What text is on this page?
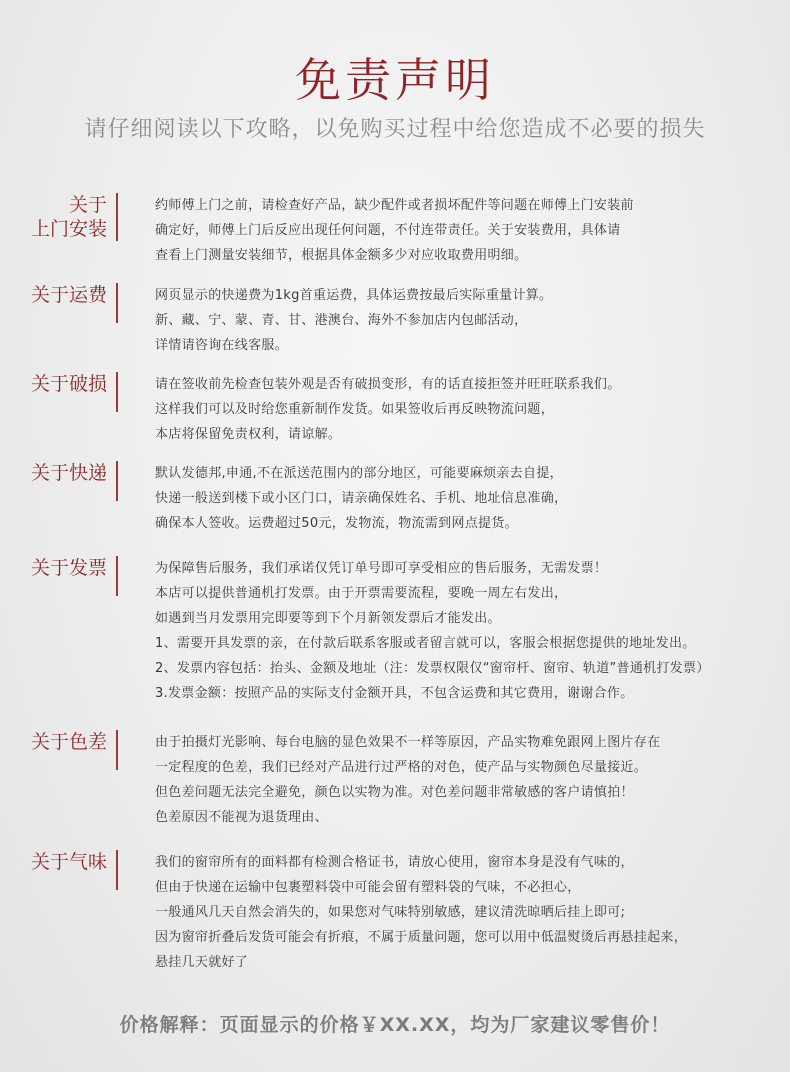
免责声明
请仔细阅读以下攻略，以免购买过程中给您造成不必要的损失
关于
上门安装
约师傅上门之前，请检查好产品，缺少配件或者损坏配件等问题在师傅上门安装前
确定好，师傅上门后反应出现任何问题，不付连带责任。关于安装费用，具体请
查看上门测量安装细节，根据具体金额多少对应收取费用明细。
关于运费	网页显示的快递费为1kg首重运费，具体运费按最后实际重量计算。
新、藏、宁、蒙、青、甘、港澳台、海外不参加店内包邮活动，
详情请咨询在线客服。
关于破损	请在签收前先检查包装外观是否有破损变形，有的话直接拒签并旺旺联系我们。
这样我们可以及时给您重新制作发货。如果签收后再反映物流问题，
本店将保留免责权利，请谅解。
关于快递	默认发德邦,申通,不在派送范围内的部分地区，可能要麻烦亲去自提，
快递一般送到楼下或小区门口，请亲确保姓名、手机、地址信息准确，
确保本人签收。运费超过50元，发物流，物流需到网点提货。
关于发票	为保障售后服务，我们承诺仅凭订单号即可享受相应的售后服务，无需发票！
本店可以提供普通机打发票。由于开票需要流程，要晚一周左右发出，
如遇到当月发票用完即要等到下个月新领发票后才能发出。
1、需要开具发票的亲，在付款后联系客服或者留言就可以，客服会根据您提供的地址发出。
2、发票内容包括：抬头、金额及地址（注：发票权限仅“窗帘杆、窗帘、轨道”普通机打发票）
3.发票金额：按照产品的实际支付金额开具，不包含运费和其它费用，谢谢合作。
关于色差	由于拍摄灯光影响、每台电脑的显色效果不一样等原因，产品实物难免跟网上图片存在
一定程度的色差，我们已经对产品进行过严格的对色，使产品与实物颜色尽量接近。
但色差问题无法完全避免，颜色以实物为准。对色差问题非常敏感的客户请慎拍！
色差原因不能视为退货理由、
关于气味	我们的窗帘所有的面料都有检测合格证书，请放心使用，窗帘本身是没有气味的，
但由于快递在运输中包裹塑料袋中可能会留有塑料袋的气味，不必担心，
一般通风几天自然会消失的，如果您对气味特别敏感，建议清洗晾晒后挂上即可;
因为窗帘折叠后发货可能会有折痕，不属于质量问题，您可以用中低温熨烫后再悬挂起来，
悬挂几天就好了
价格解释：页面显示的价格￥XX.XX，均为厂家建议零售价！
